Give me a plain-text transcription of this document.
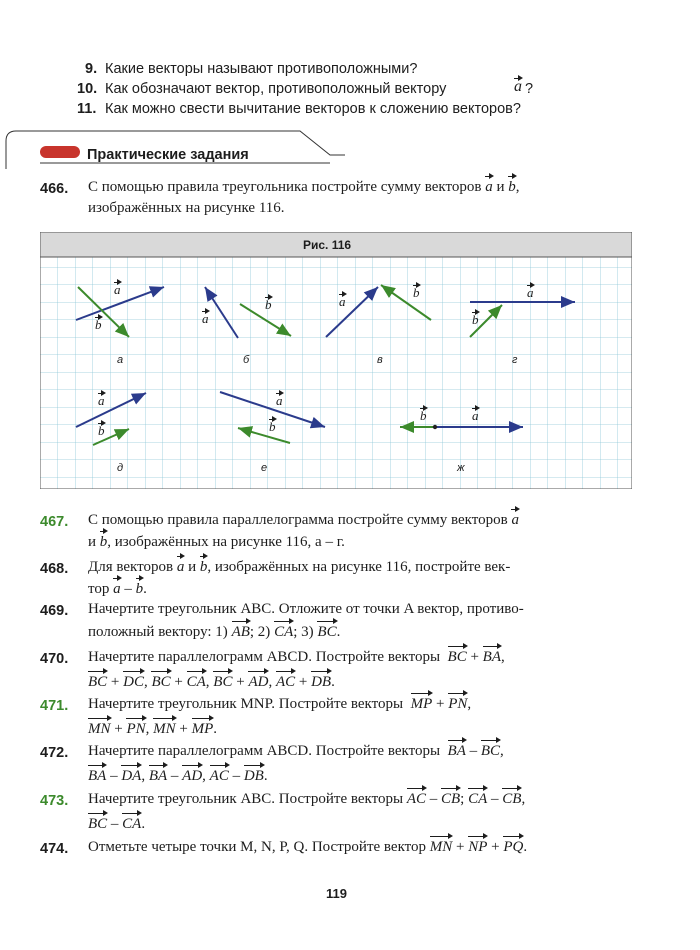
9. Какие векторы называют противоположными?
10. Как обозначают вектор, противоположный вектору	a ?
11. Как можно свести вычитание векторов к сложению векторов?
Практические задания
466. С помощью правила треугольника постройте сумму векторов a и b,
изображённых на рисунке 116.
Рис. 116
а	б	в	г
д	е	ж
a
b	a
b	a
b	a
b
a
b
a
b
b	a
467. С помощью правила параллелограмма постройте сумму векторов a
и b, изображённых на рисунке 116, а – г.
468. Для векторов a и b, изображённых на рисунке 116, постройте век-
тор a – b.
469. Начертите треугольник ABC. Отложите от точки A вектор, противо-
положный вектору: 1) AB; 2) CA; 3) BC.
470. Начертите параллелограмм ABCD. Постройте векторы BC + BA,
BC + DC, BC + CA, BC + AD, AC + DB.
471. Начертите треугольник MNP. Постройте векторы MP + PN,
MN + PN, MN + MP.
472. Начертите параллелограмм ABCD. Постройте векторы BA – BC,
BA – DA, BA – AD, AC – DB.
473. Начертите треугольник ABC. Постройте векторы AC – CB; CA – CB,
BC – CA.
474. Отметьте четыре точки M, N, P, Q. Постройте вектор MN + NP + PQ.
119
